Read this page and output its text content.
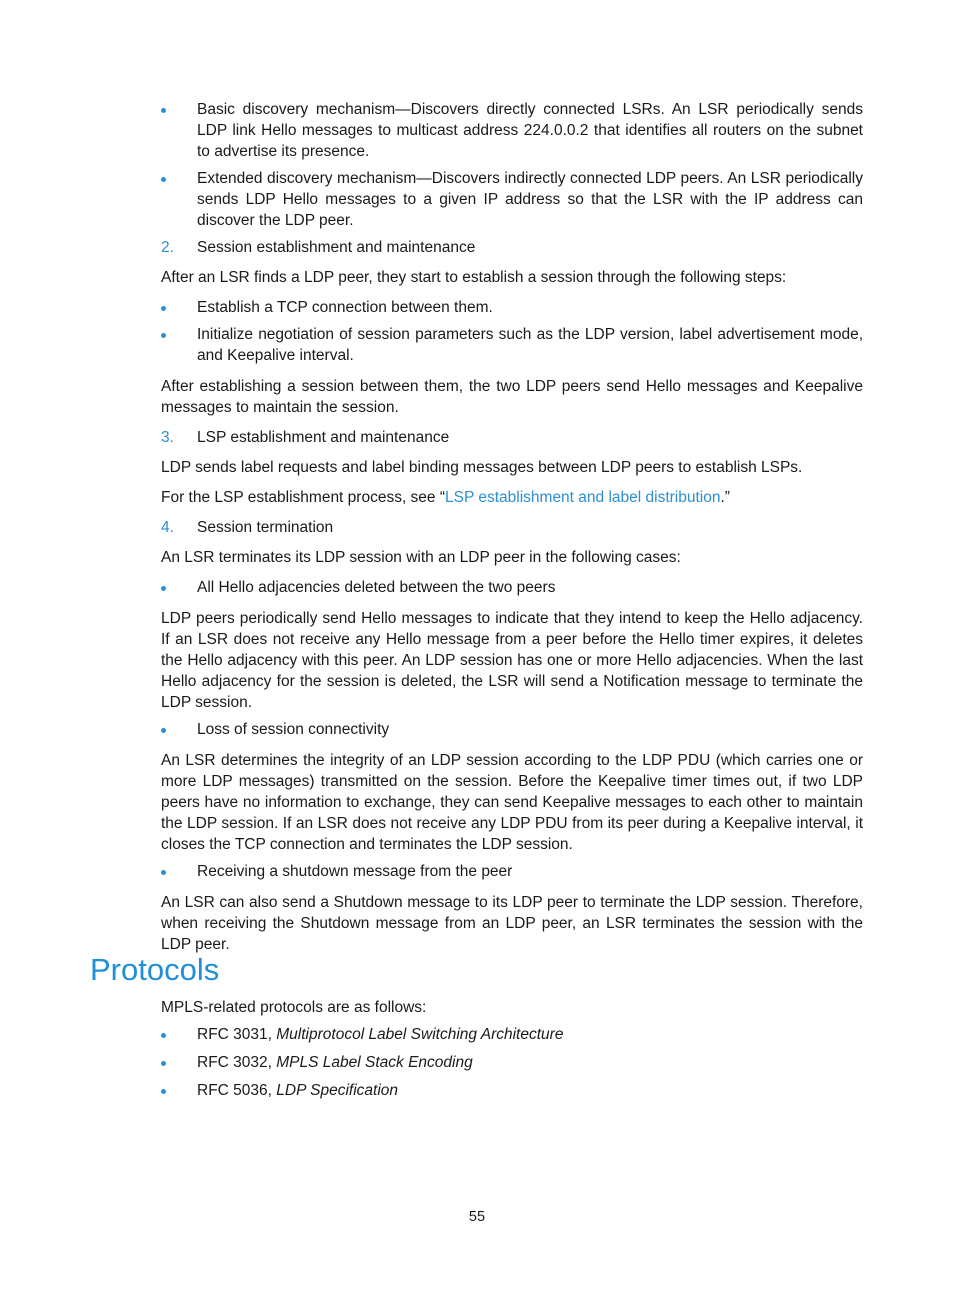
Basic discovery mechanism—Discovers directly connected LSRs. An LSR periodically sends LDP link Hello messages to multicast address 224.0.0.2 that identifies all routers on the subnet to advertise its presence.
Extended discovery mechanism—Discovers indirectly connected LDP peers. An LSR periodically sends LDP Hello messages to a given IP address so that the LSR with the IP address can discover the LDP peer.
2. Session establishment and maintenance

After an LSR finds a LDP peer, they start to establish a session through the following steps:

Establish a TCP connection between them.
Initialize negotiation of session parameters such as the LDP version, label advertisement mode, and Keepalive interval.

After establishing a session between them, the two LDP peers send Hello messages and Keepalive messages to maintain the session.

3. LSP establishment and maintenance

LDP sends label requests and label binding messages between LDP peers to establish LSPs.

For the LSP establishment process, see “LSP establishment and label distribution.”

4. Session termination

An LSR terminates its LDP session with an LDP peer in the following cases:

All Hello adjacencies deleted between the two peers

LDP peers periodically send Hello messages to indicate that they intend to keep the Hello adjacency. If an LSR does not receive any Hello message from a peer before the Hello timer expires, it deletes the Hello adjacency with this peer. An LDP session has one or more Hello adjacencies. When the last Hello adjacency for the session is deleted, the LSR will send a Notification message to terminate the LDP session.

Loss of session connectivity

An LSR determines the integrity of an LDP session according to the LDP PDU (which carries one or more LDP messages) transmitted on the session. Before the Keepalive timer times out, if two LDP peers have no information to exchange, they can send Keepalive messages to each other to maintain the LDP session. If an LSR does not receive any LDP PDU from its peer during a Keepalive interval, it closes the TCP connection and terminates the LDP session.

Receiving a shutdown message from the peer

An LSR can also send a Shutdown message to its LDP peer to terminate the LDP session. Therefore, when receiving the Shutdown message from an LDP peer, an LSR terminates the session with the LDP peer.

Protocols

MPLS-related protocols are as follows:

RFC 3031, Multiprotocol Label Switching Architecture
RFC 3032, MPLS Label Stack Encoding
RFC 5036, LDP Specification
55
